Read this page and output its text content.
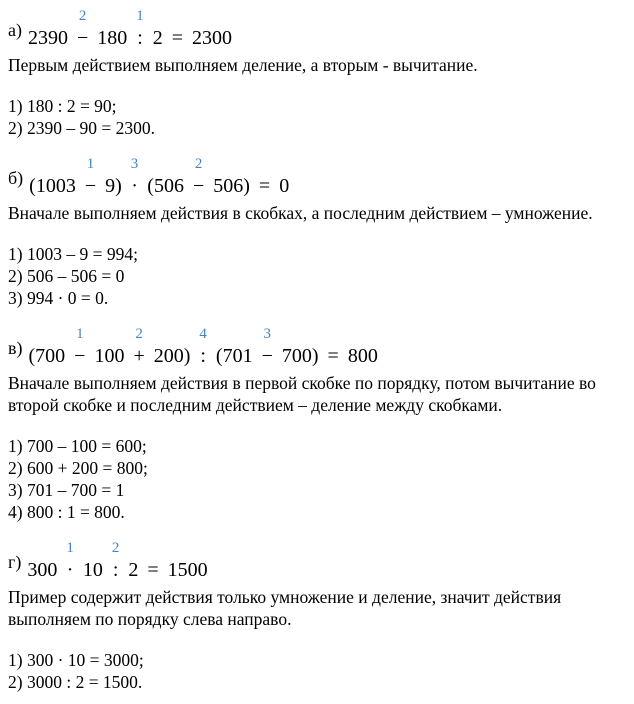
а) 2390
2
− 180
1
: 2 = 2300

Первым действием выполняем деление, а вторым - вычитание.

1) 180 : 2 = 90;
2) 2390 – 90 = 2300.
б) (1003
1
− 9)
3
· (506
2
− 506) = 0

Вначале выполняем действия в скобках, а последним действием – умножение.

1) 1003 – 9 = 994;
2) 506 – 506 = 0
3) 994 · 0 = 0.
в) (700
1
− 100
2
+ 200)
4
: (701
3
− 700) = 800

Вначале выполняем действия в первой скобке по порядку, потом вычитание во второй скобке и последним действием – деление между скобками.

1) 700 – 100 = 600;
2) 600 + 200 = 800;
3) 701 – 700 = 1
4) 800 : 1 = 800.
г) 300
1
· 10
2
: 2 = 1500

Пример содержит действия только умножение и деление, значит действия выполняем по порядку слева направо.

1) 300 · 10 = 3000;
2) 3000 : 2 = 1500.
